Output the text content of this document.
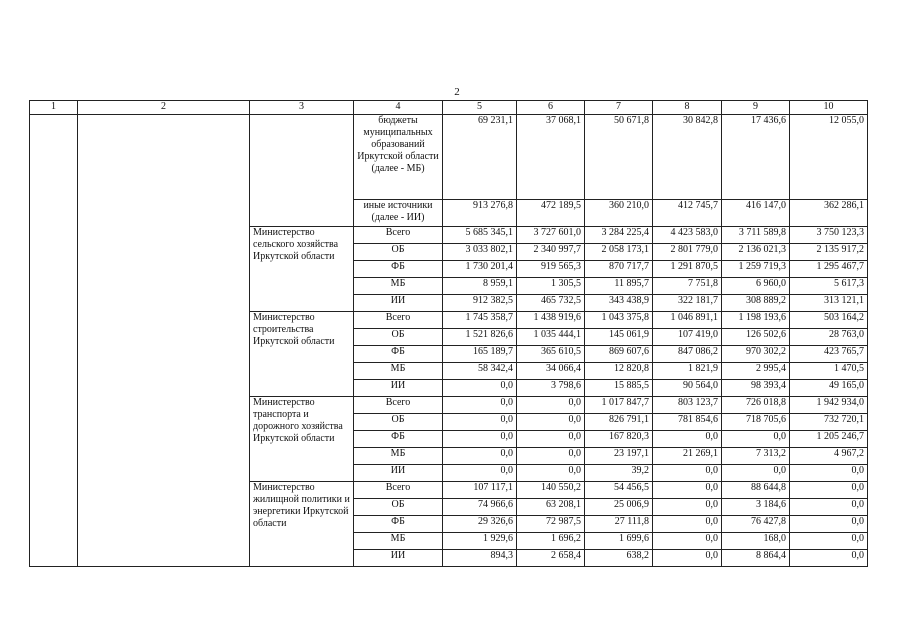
2
1	2	3	4	5	6	7	8	9	10
			бюджеты муниципальных образований Иркутской области (далее - МБ)	69 231,1	37 068,1	50 671,8	30 842,8	17 436,6	12 055,0
			иные источники (далее - ИИ)	913 276,8	472 189,5	360 210,0	412 745,7	416 147,0	362 286,1
		Министерство сельского хозяйства Иркутской области	Всего	5 685 345,1	3 727 601,0	3 284 225,4	4 423 583,0	3 711 589,8	3 750 123,3
			ОБ	3 033 802,1	2 340 997,7	2 058 173,1	2 801 779,0	2 136 021,3	2 135 917,2
			ФБ	1 730 201,4	919 565,3	870 717,7	1 291 870,5	1 259 719,3	1 295 467,7
			МБ	8 959,1	1 305,5	11 895,7	7 751,8	6 960,0	5 617,3
			ИИ	912 382,5	465 732,5	343 438,9	322 181,7	308 889,2	313 121,1
		Министерство строительства Иркутской области	Всего	1 745 358,7	1 438 919,6	1 043 375,8	1 046 891,1	1 198 193,6	503 164,2
			ОБ	1 521 826,6	1 035 444,1	145 061,9	107 419,0	126 502,6	28 763,0
			ФБ	165 189,7	365 610,5	869 607,6	847 086,2	970 302,2	423 765,7
			МБ	58 342,4	34 066,4	12 820,8	1 821,9	2 995,4	1 470,5
			ИИ	0,0	3 798,6	15 885,5	90 564,0	98 393,4	49 165,0
		Министерство транспорта и дорожного хозяйства Иркутской области	Всего	0,0	0,0	1 017 847,7	803 123,7	726 018,8	1 942 934,0
			ОБ	0,0	0,0	826 791,1	781 854,6	718 705,6	732 720,1
			ФБ	0,0	0,0	167 820,3	0,0	0,0	1 205 246,7
			МБ	0,0	0,0	23 197,1	21 269,1	7 313,2	4 967,2
			ИИ	0,0	0,0	39,2	0,0	0,0	0,0
		Министерство жилищной политики и энергетики Иркутской области	Всего	107 117,1	140 550,2	54 456,5	0,0	88 644,8	0,0
			ОБ	74 966,6	63 208,1	25 006,9	0,0	3 184,6	0,0
			ФБ	29 326,6	72 987,5	27 111,8	0,0	76 427,8	0,0
			МБ	1 929,6	1 696,2	1 699,6	0,0	168,0	0,0
			ИИ	894,3	2 658,4	638,2	0,0	8 864,4	0,0
